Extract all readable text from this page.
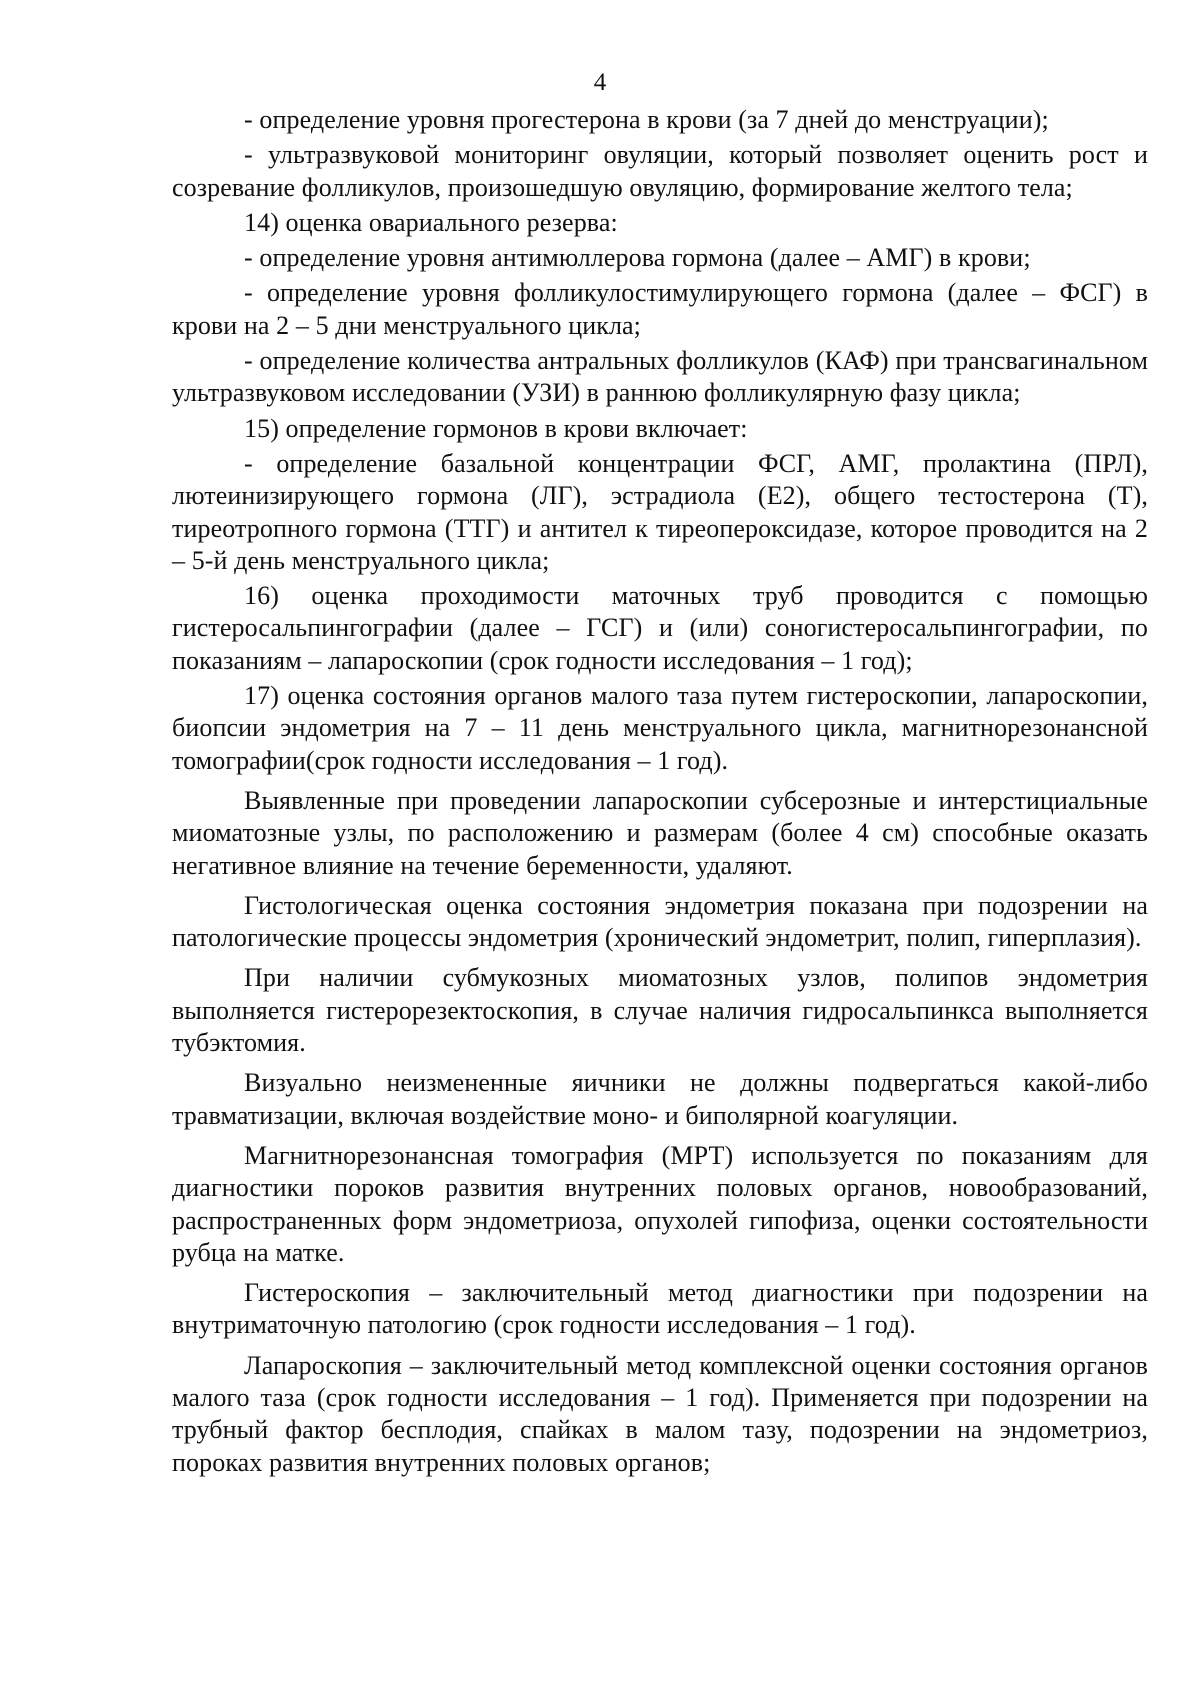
4

- определение уровня прогестерона в крови (за 7 дней до менструации);

- ультразвуковой мониторинг овуляции, который позволяет оценить рост и созревание фолликулов, произошедшую овуляцию, формирование желтого тела;

14) оценка овариального резерва:

- определение уровня антимюллерова гормона (далее – АМГ) в крови;

- определение уровня фолликулостимулирующего гормона (далее – ФСГ) в крови на 2 – 5 дни менструального цикла;

- определение количества антральных фолликулов (КАФ) при трансвагинальном ультразвуковом исследовании (УЗИ) в раннюю фолликулярную фазу цикла;

15) определение гормонов в крови включает:

- определение базальной концентрации ФСГ, АМГ, пролактина (ПРЛ), лютеинизирующего гормона (ЛГ), эстрадиола (Е2), общего тестостерона (Т), тиреотропного гормона (ТТГ) и антител к тиреопероксидазе, которое проводится на 2 – 5-й день менструального цикла;

16) оценка проходимости маточных труб проводится с помощью гистеросальпингографии (далее – ГСГ) и (или) соногистеросальпингографии, по показаниям – лапароскопии (срок годности исследования – 1 год);

17) оценка состояния органов малого таза путем гистероскопии, лапароскопии, биопсии эндометрия на 7 – 11 день менструального цикла, магнитнорезонансной томографии(срок годности исследования – 1 год).

Выявленные при проведении лапароскопии субсерозные и интерстициальные миоматозные узлы, по расположению и размерам (более 4 см) способные оказать негативное влияние на течение беременности, удаляют.

Гистологическая оценка состояния эндометрия показана при подозрении на патологические процессы эндометрия (хронический эндометрит, полип, гиперплазия).

При наличии субмукозных миоматозных узлов, полипов эндометрия выполняется гистерорезектоскопия, в случае наличия гидросальпинкса выполняется тубэктомия.

Визуально неизмененные яичники не должны подвергаться какой-либо травматизации, включая воздействие моно- и биполярной коагуляции.

Магнитнорезонансная томография (МРТ) используется по показаниям для диагностики пороков развития внутренних половых органов, новообразований, распространенных форм эндометриоза, опухолей гипофиза, оценки состоятельности рубца на матке.

Гистероскопия – заключительный метод диагностики при подозрении на внутриматочную патологию (срок годности исследования – 1 год).

Лапароскопия – заключительный метод комплексной оценки состояния органов малого таза (срок годности исследования – 1 год). Применяется при подозрении на трубный фактор бесплодия, спайках в малом тазу, подозрении на эндометриоз, пороках развития внутренних половых органов;
